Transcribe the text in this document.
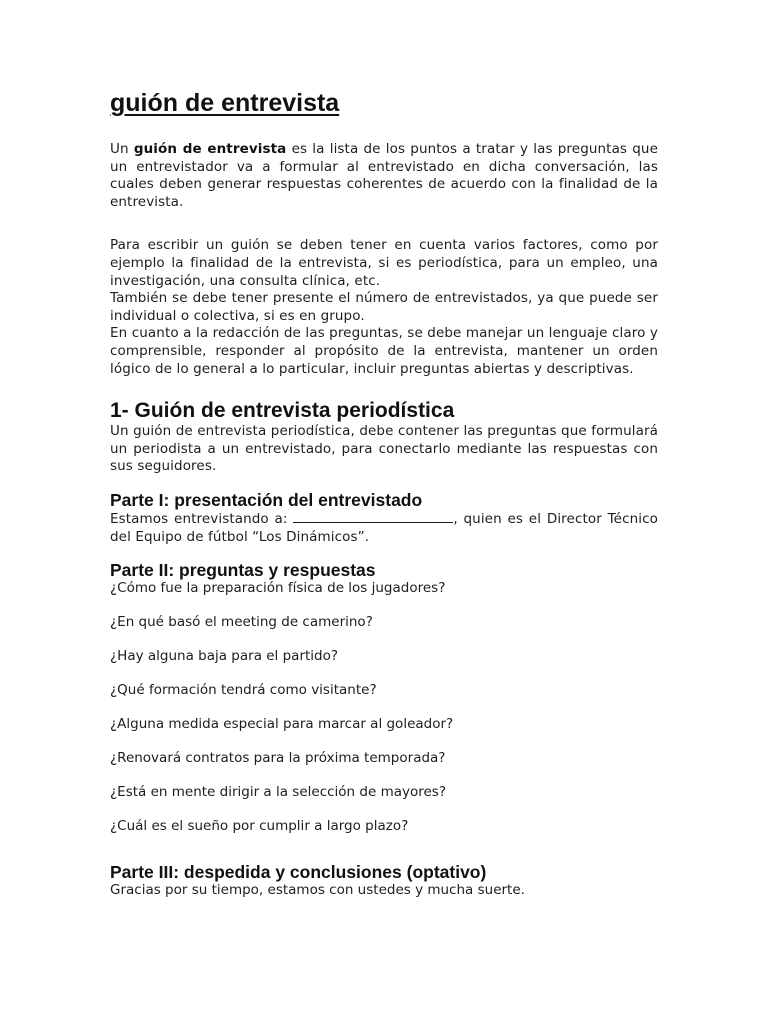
guión de entrevista

Un guión de entrevista es la lista de los puntos a tratar y las preguntas que un entrevistador va a formular al entrevistado en dicha conversación, las cuales deben generar respuestas coherentes de acuerdo con la finalidad de la entrevista.

Para escribir un guión se deben tener en cuenta varios factores, como por ejemplo la finalidad de la entrevista, si es periodística, para un empleo, una investigación, una consulta clínica, etc.

También se debe tener presente el número de entrevistados, ya que puede ser individual o colectiva, si es en grupo.

En cuanto a la redacción de las preguntas, se debe manejar un lenguaje claro y comprensible, responder al propósito de la entrevista, mantener un orden lógico de lo general a lo particular, incluir preguntas abiertas y descriptivas.

1- Guión de entrevista periodística

Un guión de entrevista periodística, debe contener las preguntas que formulará un periodista a un entrevistado, para conectarlo mediante las respuestas con sus seguidores.

Parte I: presentación del entrevistado

Estamos entrevistando a:	, quien es el Director Técnico del Equipo de fútbol “Los Dinámicos”.

Parte II: preguntas y respuestas
¿Cómo fue la preparación física de los jugadores?
¿En qué basó el meeting de camerino?
¿Hay alguna baja para el partido?
¿Qué formación tendrá como visitante?
¿Alguna medida especial para marcar al goleador?
¿Renovará contratos para la próxima temporada?
¿Está en mente dirigir a la selección de mayores?
¿Cuál es el sueño por cumplir a largo plazo?
Parte III: despedida y conclusiones (optativo)

Gracias por su tiempo, estamos con ustedes y mucha suerte.
